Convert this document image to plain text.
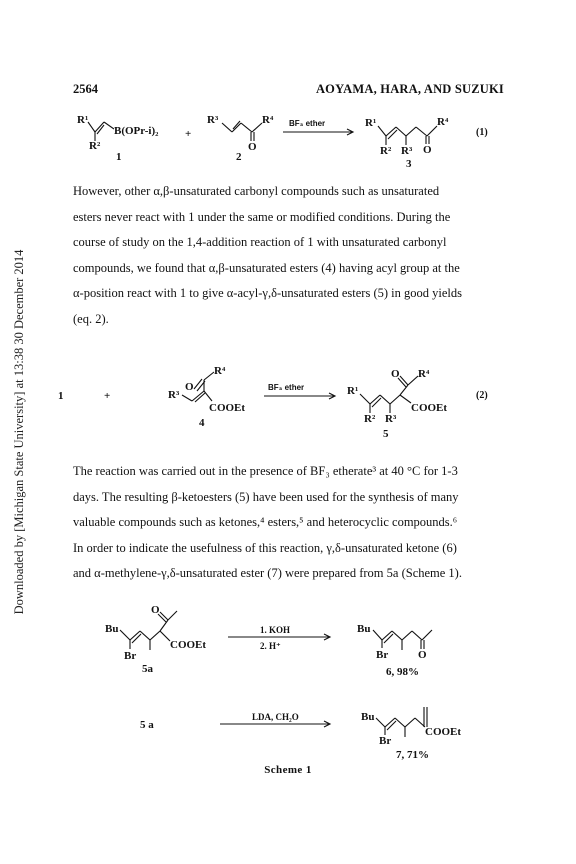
Downloaded by [Michigan State University] at 13:38 30 December 2014
2564	AOYAMA, HARA, AND SUZUKI
R¹
B(OPr-i)₂
R²
1
+
R³	R⁴
O
2
BF₃ ether	R¹	R⁴
R² R³ O
3
(1)
However, other α,β-unsaturated carbonyl compounds such as unsaturated
esters never react with 1 under the same or modified conditions. During the
course of study on the 1,4-addition reaction of 1 with unsaturated carbonyl
compounds, we found that α,β-unsaturated esters (4) having acyl group at the
α-position react with 1 to give α-acyl-γ,δ-unsaturated esters (5) in good yields
(eq. 2).
1	+
O
R⁴
R³
COOEt
4
BF₃ ether	R¹
O R⁴
COOEt
R² R³
5
(2)
The reaction was carried out in the presence of BF₃ etherate³ at 40 °C for 1-3
days. The resulting β-ketoesters (5) have been used for the synthesis of many
valuable compounds such as ketones,⁴ esters,⁵ and heterocyclic compounds.⁶
In order to indicate the usefulness of this reaction, γ,δ-unsaturated ketone (6)
and α-methylene-γ,δ-unsaturated ester (7) were prepared from 5a (Scheme 1).
O
Bu
Br
COOEt
5a
1. KOH
2. H⁺
Bu
Br	O
6, 98%
5 a
LDA, CH₂O	Bu
Br
COOEt
7, 71%
Scheme 1
